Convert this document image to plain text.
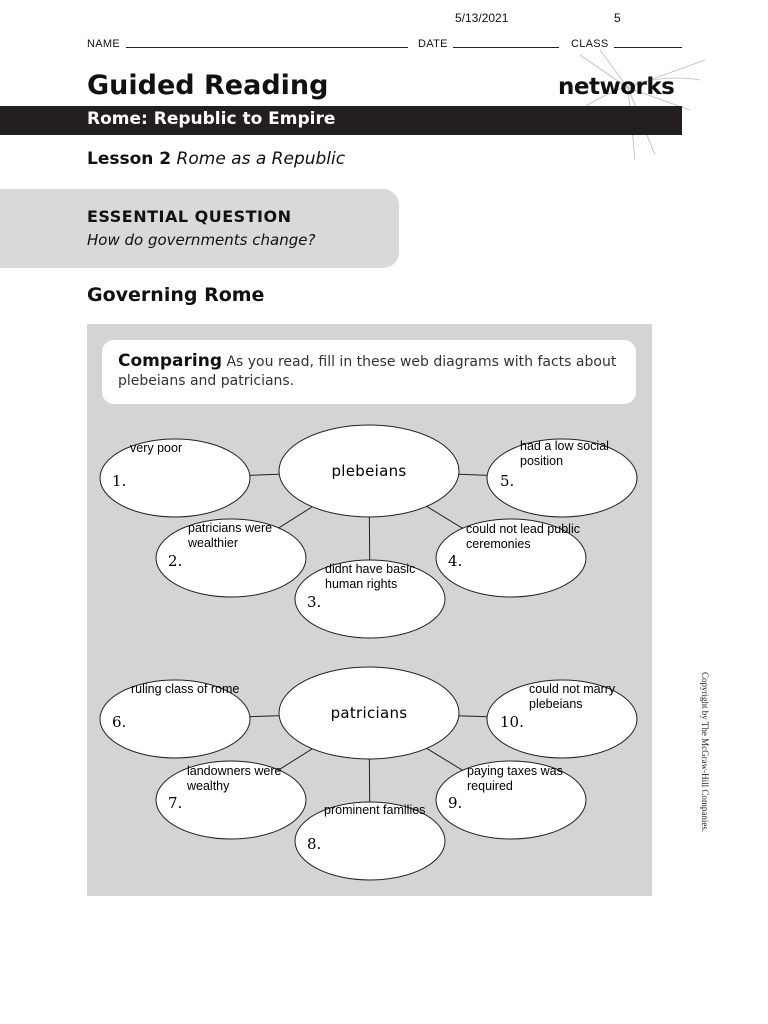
5/13/2021	5
NAME	DATE	CLASS
Guided Reading	networks
Rome: Republic to Empire
Lesson 2 Rome as a Republic
ESSENTIAL QUESTION
How do governments change?
Governing Rome
Comparing As you read, fill in these web diagrams with facts about plebeians and patricians.
plebeians
1.
very poor
2.
patricians were
wealthier
3.
didnt have basic
human rights
4.
could not lead public
ceremonies
5.
had a low social
position
patricians
6.
ruling class of rome
7.
landowners were
wealthy
8.
prominent families 9.
paying taxes was
required
10.
could not marry
plebeians	Copyright by The McGraw-Hill Companies.
